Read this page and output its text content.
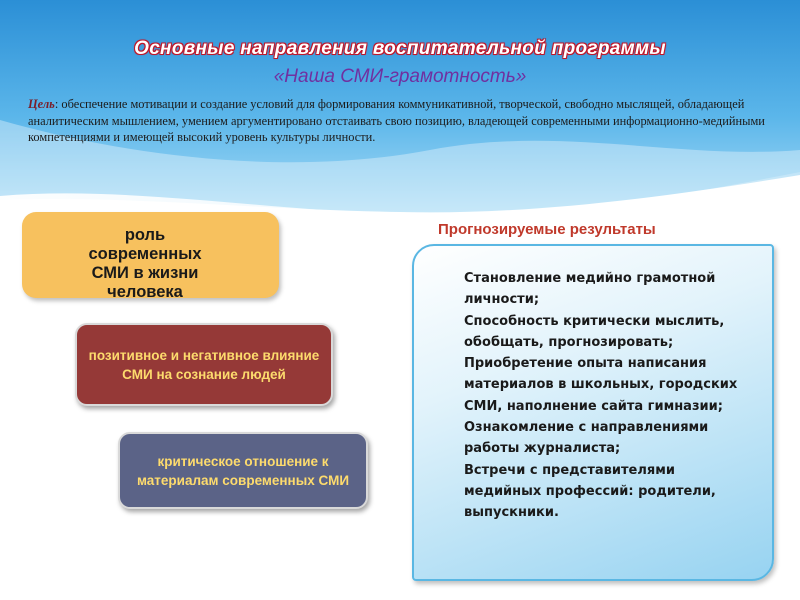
Основные направления воспитательной программы
«Наша СМИ-грамотность»
Цель: обеспечение мотивации и создание условий для формирования коммуникативной, творческой, свободно мыслящей, обладающей аналитическим мышлением, умением аргументировано отстаивать свою позицию, владеющей современными информационно-медийными компетенциями и имеющей высокий уровень культуры личности.
роль современных СМИ в жизни человека
позитивное и негативное влияние СМИ на сознание людей
критическое отношение к материалам современных СМИ
Прогнозируемые результаты
Становление медийно грамотной личности;
Способность критически мыслить, обобщать, прогнозировать;
Приобретение опыта написания материалов в школьных, городских СМИ, наполнение сайта гимназии;
Ознакомление с направлениями работы журналиста;
Встречи с представителями медийных профессий: родители, выпускники.
